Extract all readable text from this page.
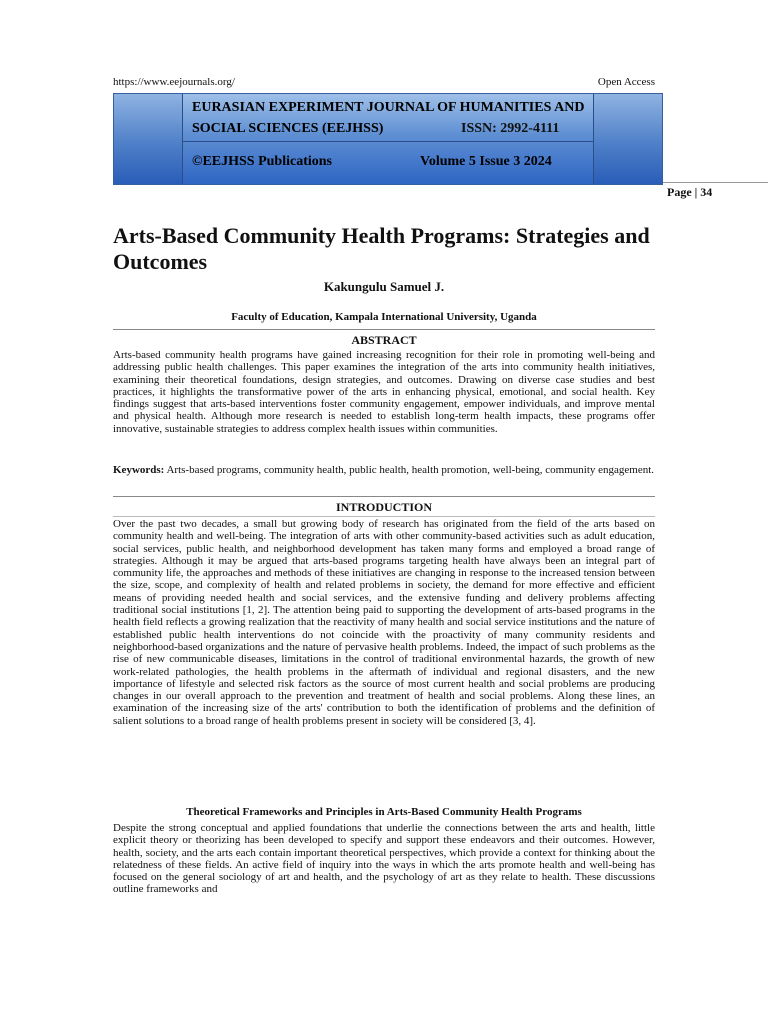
https://www.eejournals.org/	Open Access
EURASIAN EXPERIMENT JOURNAL OF HUMANITIES AND
SOCIAL SCIENCES (EEJHSS)	ISSN: 2992-4111
©EEJHSS Publications	Volume 5 Issue 3 2024
Page | 34
Arts-Based Community Health Programs: Strategies and Outcomes
Kakungulu Samuel J.
Faculty of Education, Kampala International University, Uganda
ABSTRACT
Arts-based community health programs have gained increasing recognition for their role in promoting well-being and addressing public health challenges. This paper examines the integration of the arts into community health initiatives, examining their theoretical foundations, design strategies, and outcomes. Drawing on diverse case studies and best practices, it highlights the transformative power of the arts in enhancing physical, emotional, and social health. Key findings suggest that arts-based interventions foster community engagement, empower individuals, and improve mental and physical health. Although more research is needed to establish long-term health impacts, these programs offer innovative, sustainable strategies to address complex health issues within communities.
Keywords: Arts-based programs, community health, public health, health promotion, well-being, community engagement.
INTRODUCTION
Over the past two decades, a small but growing body of research has originated from the field of the arts based on community health and well-being. The integration of arts with other community-based activities such as adult education, social services, public health, and neighborhood development has taken many forms and employed a broad range of strategies. Although it may be argued that arts-based programs targeting health have always been an integral part of community life, the approaches and methods of these initiatives are changing in response to the increased tension between the size, scope, and complexity of health and related problems in society, the demand for more effective and efficient means of providing needed health and social services, and the extensive funding and delivery problems affecting traditional social institutions [1, 2]. The attention being paid to supporting the development of arts-based programs in the health field reflects a growing realization that the reactivity of many health and social service institutions and the nature of established public health interventions do not coincide with the proactivity of many community residents and neighborhood-based organizations and the nature of pervasive health problems. Indeed, the impact of such problems as the rise of new communicable diseases, limitations in the control of traditional environmental hazards, the growth of new work-related pathologies, the health problems in the aftermath of individual and regional disasters, and the new importance of lifestyle and selected risk factors as the source of most current health and social problems are producing changes in our overall approach to the prevention and treatment of health and social problems. Along these lines, an examination of the increasing size of the arts' contribution to both the identification of problems and the definition of salient solutions to a broad range of health problems present in society will be considered [3, 4].
Theoretical Frameworks and Principles in Arts-Based Community Health Programs
Despite the strong conceptual and applied foundations that underlie the connections between the arts and health, little explicit theory or theorizing has been developed to specify and support these endeavors and their outcomes. However, health, society, and the arts each contain important theoretical perspectives, which provide a context for thinking about the relatedness of these fields. An active field of inquiry into the ways in which the arts promote health and well-being has focused on the general sociology of art and health, and the psychology of art as they relate to health. These discussions outline frameworks and
